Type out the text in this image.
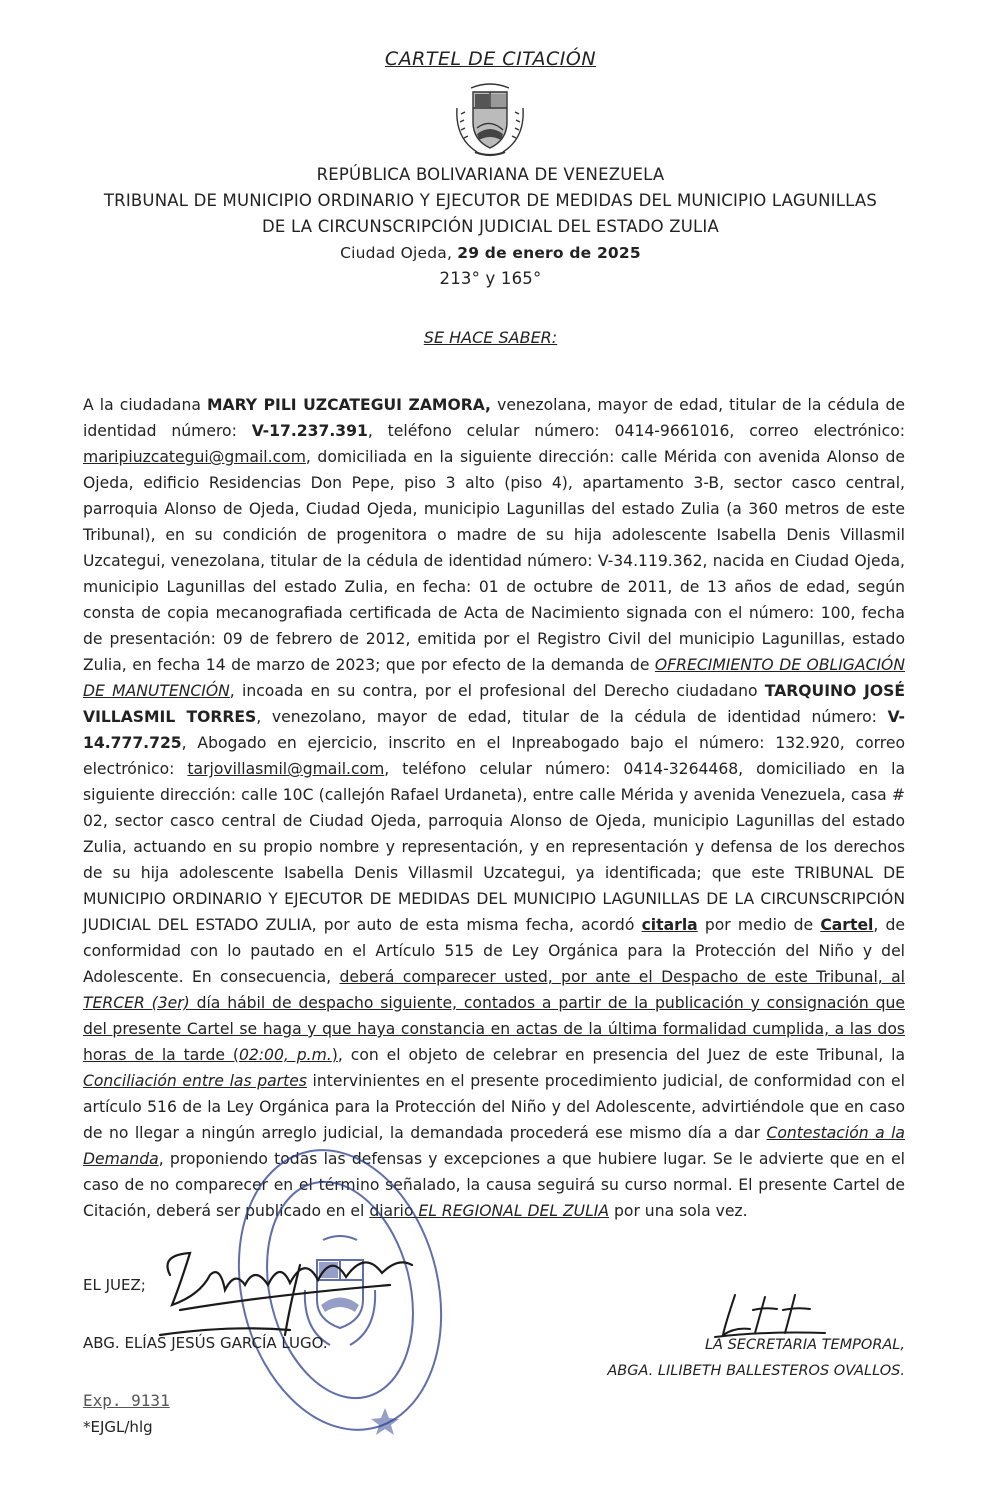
CARTEL DE CITACIÓN
REPÚBLICA BOLIVARIANA DE VENEZUELA
TRIBUNAL DE MUNICIPIO ORDINARIO Y EJECUTOR DE MEDIDAS DEL MUNICIPIO LAGUNILLAS
DE LA CIRCUNSCRIPCIÓN JUDICIAL DEL ESTADO ZULIA
Ciudad Ojeda, 29 de enero de 2025
213° y 165°
SE HACE SABER:

A la ciudadana MARY PILI UZCATEGUI ZAMORA, venezolana, mayor de edad, titular de la cédula de identidad número: V-17.237.391, teléfono celular número: 0414-9661016, correo electrónico: maripiuzcategui@gmail.com, domiciliada en la siguiente dirección: calle Mérida con avenida Alonso de Ojeda, edificio Residencias Don Pepe, piso 3 alto (piso 4), apartamento 3-B, sector casco central, parroquia Alonso de Ojeda, Ciudad Ojeda, municipio Lagunillas del estado Zulia (a 360 metros de este Tribunal), en su condición de progenitora o madre de su hija adolescente Isabella Denis Villasmil Uzcategui, venezolana, titular de la cédula de identidad número: V-34.119.362, nacida en Ciudad Ojeda, municipio Lagunillas del estado Zulia, en fecha: 01 de octubre de 2011, de 13 años de edad, según consta de copia mecanografiada certificada de Acta de Nacimiento signada con el número: 100, fecha de presentación: 09 de febrero de 2012, emitida por el Registro Civil del municipio Lagunillas, estado Zulia, en fecha 14 de marzo de 2023; que por efecto de la demanda de OFRECIMIENTO DE OBLIGACIÓN DE MANUTENCIÓN, incoada en su contra, por el profesional del Derecho ciudadano TARQUINO JOSÉ VILLASMIL TORRES, venezolano, mayor de edad, titular de la cédula de identidad número: V-14.777.725, Abogado en ejercicio, inscrito en el Inpreabogado bajo el número: 132.920, correo electrónico: tarjovillasmil@gmail.com, teléfono celular número: 0414-3264468, domiciliado en la siguiente dirección: calle 10C (callejón Rafael Urdaneta), entre calle Mérida y avenida Venezuela, casa # 02, sector casco central de Ciudad Ojeda, parroquia Alonso de Ojeda, municipio Lagunillas del estado Zulia, actuando en su propio nombre y representación, y en representación y defensa de los derechos de su hija adolescente Isabella Denis Villasmil Uzcategui, ya identificada; que este TRIBUNAL DE MUNICIPIO ORDINARIO Y EJECUTOR DE MEDIDAS DEL MUNICIPIO LAGUNILLAS DE LA CIRCUNSCRIPCIÓN JUDICIAL DEL ESTADO ZULIA, por auto de esta misma fecha, acordó citarla por medio de Cartel, de conformidad con lo pautado en el Artículo 515 de Ley Orgánica para la Protección del Niño y del Adolescente. En consecuencia, deberá comparecer usted, por ante el Despacho de este Tribunal, al TERCER (3er) día hábil de despacho siguiente, contados a partir de la publicación y consignación que del presente Cartel se haga y que haya constancia en actas de la última formalidad cumplida, a las dos horas de la tarde (02:00, p.m.), con el objeto de celebrar en presencia del Juez de este Tribunal, la Conciliación entre las partes intervinientes en el presente procedimiento judicial, de conformidad con el artículo 516 de la Ley Orgánica para la Protección del Niño y del Adolescente, advirtiéndole que en caso de no llegar a ningún arreglo judicial, la demandada procederá ese mismo día a dar Contestación a la Demanda, proponiendo todas las defensas y excepciones a que hubiere lugar. Se le advierte que en el caso de no comparecer en el término señalado, la causa seguirá su curso normal. El presente Cartel de Citación, deberá ser publicado en el diario EL REGIONAL DEL ZULIA por una sola vez.

EL JUEZ;
ABG. ELÍAS JESÚS GARCÍA LUGO.	LA SECRETARIA TEMPORAL,
ABGA. LILIBETH BALLESTEROS OVALLOS.
Exp. 9131
*EJGL/hlg
